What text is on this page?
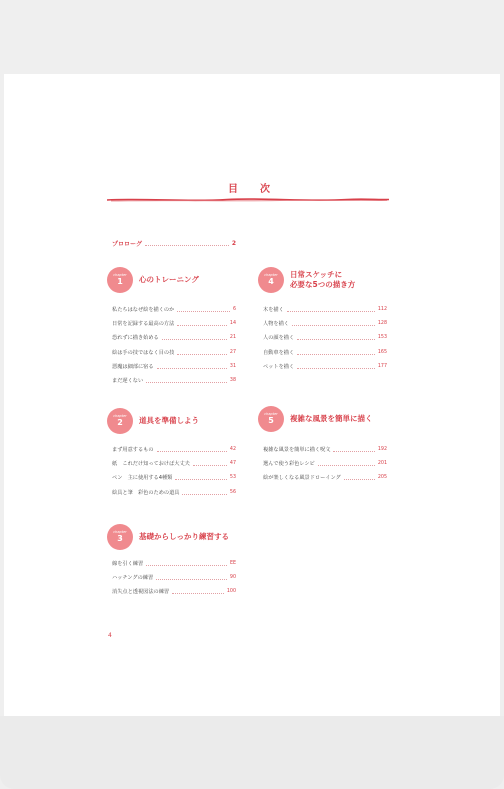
目　次
プロローグ	2
chapter
1	心のトレーニング
私たちはなぜ絵を描くのか	6
日常を記録する最高の方法	14
恐れずに描き始める	21
絵は手の技ではなく目の技	27
悪魔は細部に宿る	31
まだ遅くない	38
chapter
2	道具を準備しよう
まず用意するもの	42
紙　これだけ知っておけば大丈夫	47
ペン　主に使用する4種類	53
絵具と筆　彩色のための道具	56
chapter
3	基礎からしっかり練習する
線を引く練習	EE
ハッチングの練習	90
消失点と透視図法の練習	100
chapter
4
日常スケッチに
必要な5つの描き方
木を描く	112
人物を描く	128
人の顔を描く	153
自動車を描く	165
ペットを描く	177
chapter
5	複雑な風景を簡単に描く
複雑な風景を簡単に描く呪文	192
選んで使う彩色レシピ	201
絵が楽しくなる風景ドローイング	205
4
